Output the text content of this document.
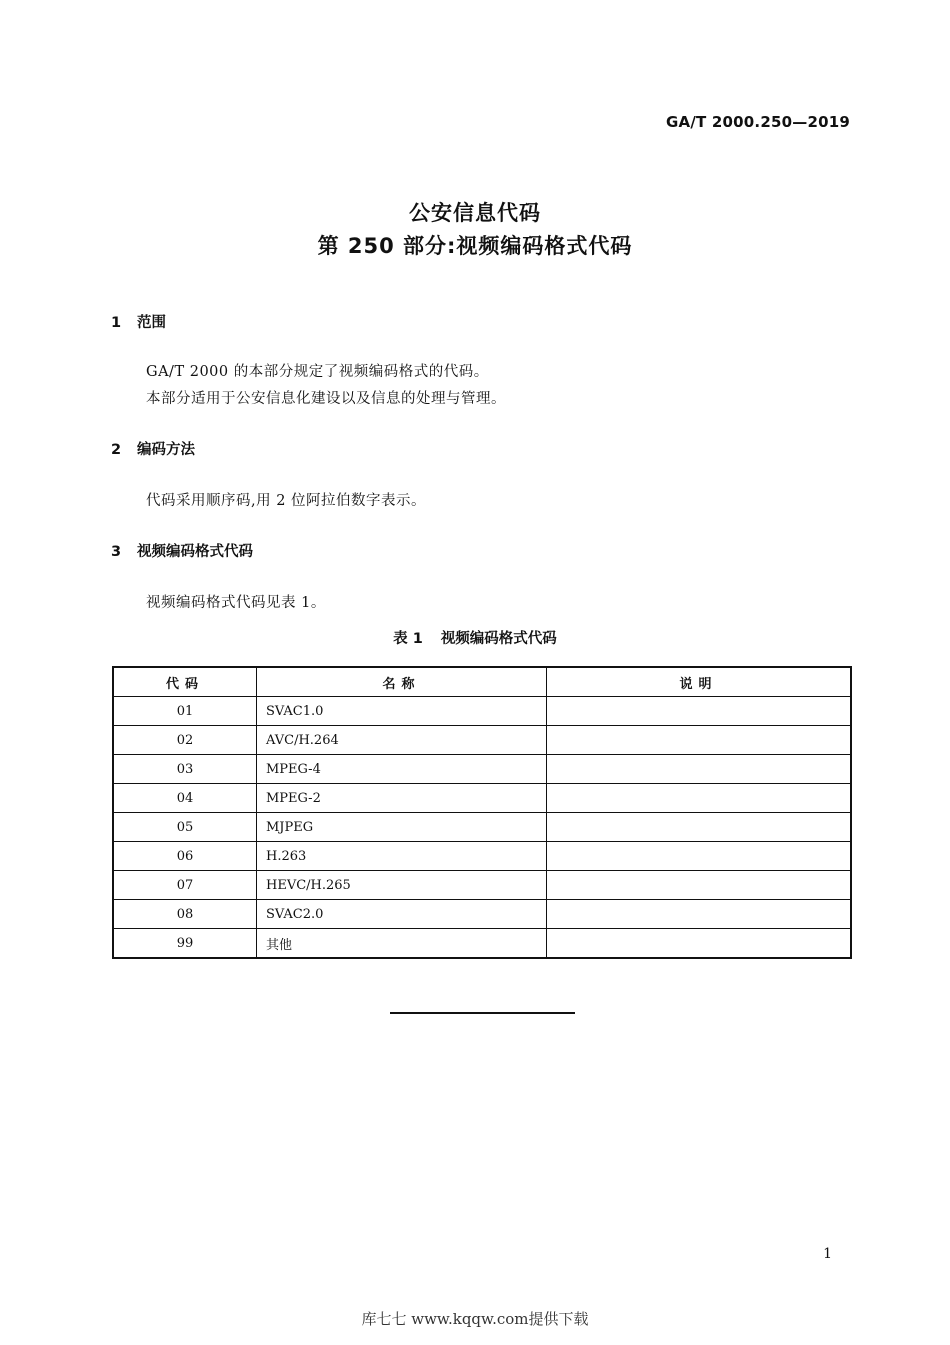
GA/T 2000.250—2019
公安信息代码
第 250 部分:视频编码格式代码
1 范围
GA/T 2000 的本部分规定了视频编码格式的代码。
本部分适用于公安信息化建设以及信息的处理与管理。
2 编码方法
代码采用顺序码,用 2 位阿拉伯数字表示。
3 视频编码格式代码
视频编码格式代码见表 1。
表 1 视频编码格式代码
代码	名称	说明
01	SVAC1.0	
02	AVC/H.264	
03	MPEG-4	
04	MPEG-2	
05	MJPEG	
06	H.263	
07	HEVC/H.265	
08	SVAC2.0	
99	其他	
1
库七七 www.kqqw.com提供下载
